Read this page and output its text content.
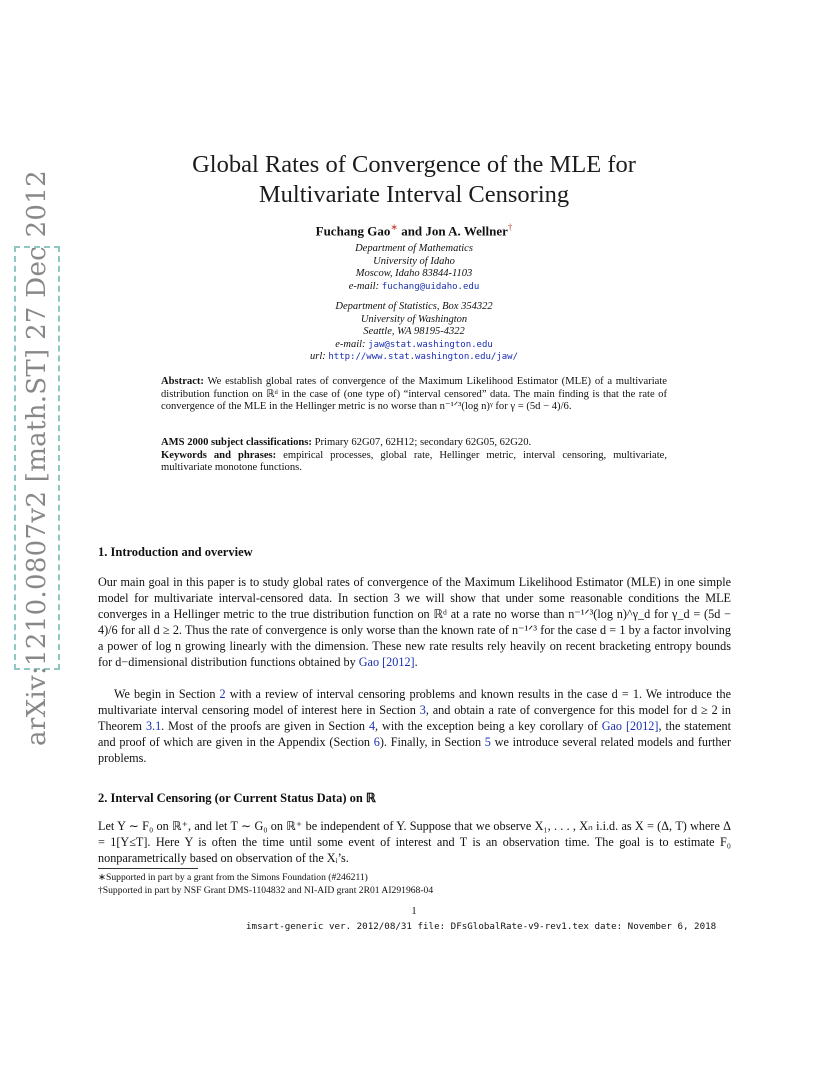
arXiv:1210.0807v2 [math.ST] 27 Dec 2012
Global Rates of Convergence of the MLE for
Multivariate Interval Censoring
Fuchang Gao∗ and Jon A. Wellner†
Department of Mathematics
University of Idaho
Moscow, Idaho 83844-1103
e-mail: fuchang@uidaho.edu
Department of Statistics, Box 354322
University of Washington
Seattle, WA 98195-4322
e-mail: jaw@stat.washington.edu
url: http://www.stat.washington.edu/jaw/
Abstract: We establish global rates of convergence of the Maximum Likelihood Estimator (MLE) of a multivariate distribution function on ℝᵈ in the case of (one type of) “interval censored” data. The main finding is that the rate of convergence of the MLE in the Hellinger metric is no worse than n⁻¹ᐟ³(log n)ᵞ for γ = (5d − 4)/6.
AMS 2000 subject classifications: Primary 62G07, 62H12; secondary 62G05, 62G20.
Keywords and phrases: empirical processes, global rate, Hellinger metric, interval censoring, multivariate, multivariate monotone functions.
1. Introduction and overview
Our main goal in this paper is to study global rates of convergence of the Maximum Likelihood Estimator (MLE) in one simple model for multivariate interval-censored data. In section 3 we will show that under some reasonable conditions the MLE converges in a Hellinger metric to the true distribution function on ℝᵈ at a rate no worse than n⁻¹ᐟ³(log n)^γ_d for γ_d = (5d − 4)/6 for all d ≥ 2. Thus the rate of convergence is only worse than the known rate of n⁻¹ᐟ³ for the case d = 1 by a factor involving a power of log n growing linearly with the dimension. These new rate results rely heavily on recent bracketing entropy bounds for d−dimensional distribution functions obtained by Gao [2012].
We begin in Section 2 with a review of interval censoring problems and known results in the case d = 1. We introduce the multivariate interval censoring model of interest here in Section 3, and obtain a rate of convergence for this model for d ≥ 2 in Theorem 3.1. Most of the proofs are given in Section 4, with the exception being a key corollary of Gao [2012], the statement and proof of which are given in the Appendix (Section 6). Finally, in Section 5 we introduce several related models and further problems.
2. Interval Censoring (or Current Status Data) on ℝ
Let Y ∼ F₀ on ℝ⁺, and let T ∼ G₀ on ℝ⁺ be independent of Y. Suppose that we observe X₁, . . . , Xₙ i.i.d. as X = (Δ, T) where Δ = 1[Y≤T]. Here Y is often the time until some event of interest and T is an observation time. The goal is to estimate F₀ nonparametrically based on observation of the Xᵢ’s.
∗Supported in part by a grant from the Simons Foundation (#246211)
†Supported in part by NSF Grant DMS-1104832 and NI-AID grant 2R01 AI291968-04
1
imsart-generic ver. 2012/08/31 file: DFsGlobalRate-v9-rev1.tex date: November 6, 2018
